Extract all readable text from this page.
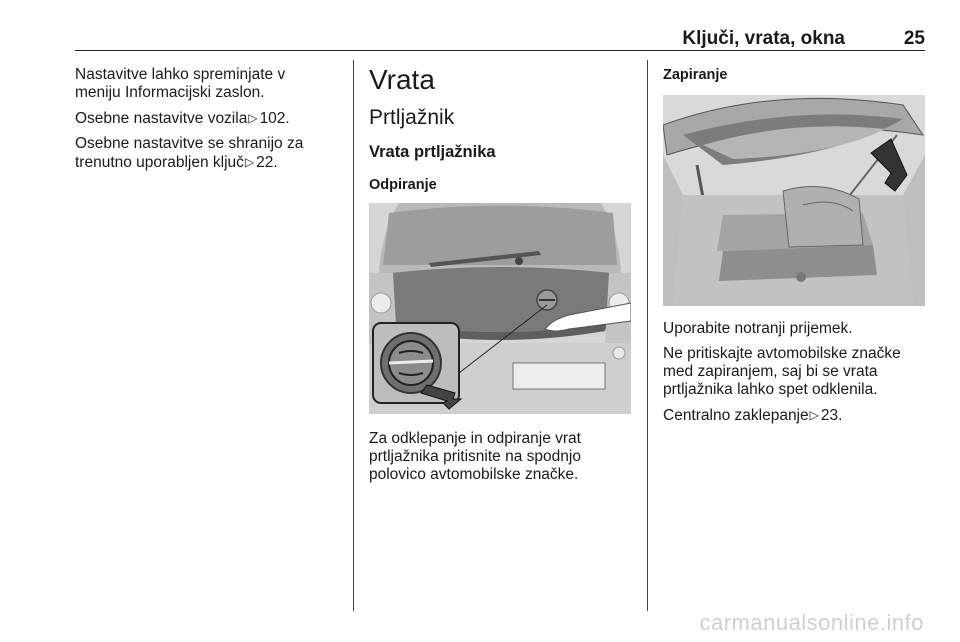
Ključi, vrata, okna	25

Nastavitve lahko spreminjate v meniju Informacijski zaslon.

Osebne nastavitve vozila▷ 102.

Osebne nastavitve se shranijo za trenutno uporabljen ključ▷ 22.

Vrata
Prtljažnik
Vrata prtljažnika
Odpiranje

Za odklepanje in odpiranje vrat prtljažnika pritisnite na spodnjo polovico avtomobilske značke.

Zapiranje

Uporabite notranji prijemek.

Ne pritiskajte avtomobilske značke med zapiranjem, saj bi se vrata prtljažnika lahko spet odklenila.

Centralno zaklepanje▷ 23.

carmanualsonline.info
